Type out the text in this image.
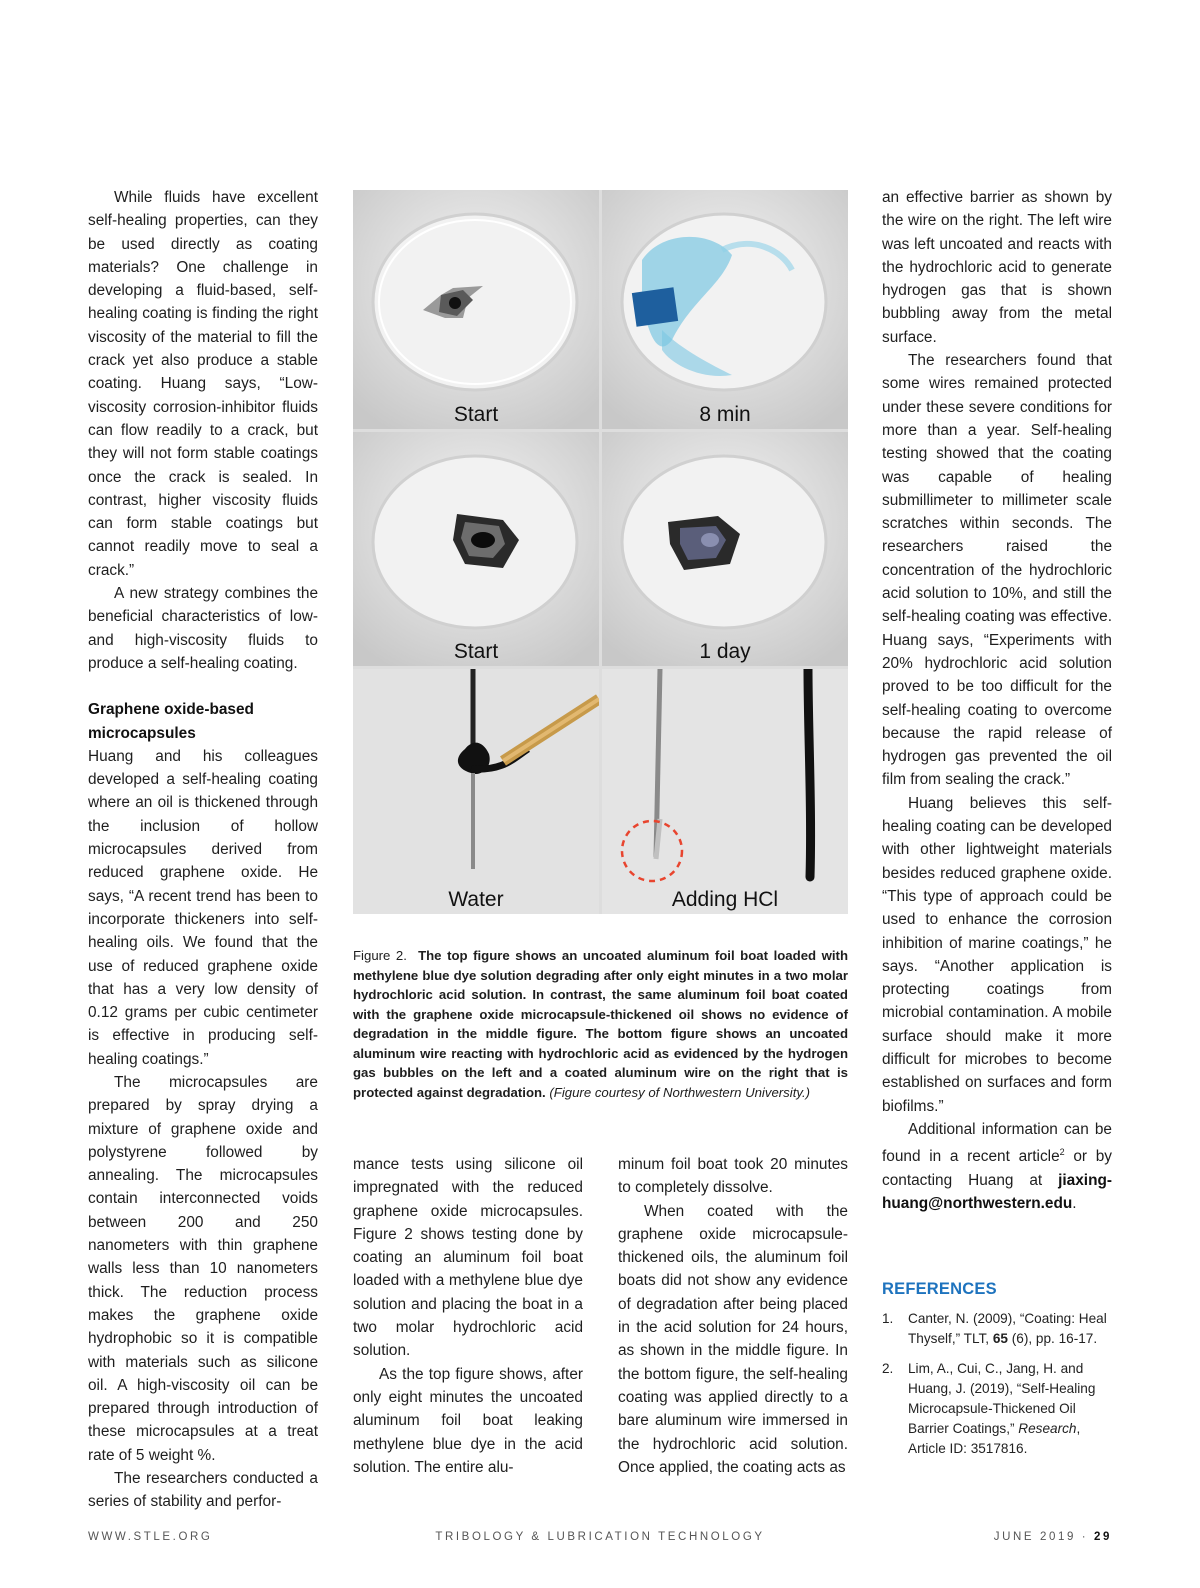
While fluids have excellent self-healing properties, can they be used directly as coating materials? One challenge in developing a fluid-based, self-healing coating is finding the right viscosity of the material to fill the crack yet also produce a stable coating. Huang says, “Low-viscosity corrosion-inhibitor fluids can flow readily to a crack, but they will not form stable coatings once the crack is sealed. In contrast, higher viscosity fluids can form stable coatings but cannot readily move to seal a crack.”

A new strategy combines the beneficial characteristics of low- and high-viscosity fluids to produce a self-healing coating.

Graphene oxide-based microcapsules

Huang and his colleagues developed a self-healing coating where an oil is thickened through the inclusion of hollow microcapsules derived from reduced graphene oxide. He says, “A recent trend has been to incorporate thickeners into self-healing oils. We found that the use of reduced graphene oxide that has a very low density of 0.12 grams per cubic centimeter is effective in producing self-healing coatings.”

The microcapsules are prepared by spray drying a mixture of graphene oxide and polystyrene followed by annealing. The microcapsules contain interconnected voids between 200 and 250 nanometers with thin graphene walls less than 10 nanometers thick. The reduction process makes the graphene oxide hydrophobic so it is compatible with materials such as silicone oil. A high-viscosity oil can be prepared through introduction of these microcapsules at a treat rate of 5 weight %.

The researchers conducted a series of stability and perfor-

Start	8 min
Start	1 day
Water	Adding HCl
Figure 2. The top figure shows an uncoated aluminum foil boat loaded with methylene blue dye solution degrading after only eight minutes in a two molar hydrochloric acid solution. In contrast, the same aluminum foil boat coated with the graphene oxide microcapsule-thickened oil shows no evidence of degradation in the middle figure. The bottom figure shows an uncoated aluminum wire reacting with hydrochloric acid as evidenced by the hydrogen gas bubbles on the left and a coated aluminum wire on the right that is protected against degradation. (Figure courtesy of Northwestern University.)

mance tests using silicone oil impregnated with the reduced graphene oxide microcapsules. Figure 2 shows testing done by coating an aluminum foil boat loaded with a methylene blue dye solution and placing the boat in a two molar hydrochloric acid solution.

As the top figure shows, after only eight minutes the uncoated aluminum foil boat leaking methylene blue dye in the acid solution. The entire alu-

minum foil boat took 20 minutes to completely dissolve.

When coated with the graphene oxide microcapsule-thickened oils, the aluminum foil boats did not show any evidence of degradation after being placed in the acid solution for 24 hours, as shown in the middle figure. In the bottom figure, the self-healing coating was applied directly to a bare aluminum wire immersed in the hydrochloric acid solution. Once applied, the coating acts as

an effective barrier as shown by the wire on the right. The left wire was left uncoated and reacts with the hydrochloric acid to generate hydrogen gas that is shown bubbling away from the metal surface.

The researchers found that some wires remained protected under these severe conditions for more than a year. Self-healing testing showed that the coating was capable of healing submillimeter to millimeter scale scratches within seconds. The researchers raised the concentration of the hydrochloric acid solution to 10%, and still the self-healing coating was effective. Huang says, “Experiments with 20% hydrochloric acid solution proved to be too difficult for the self-healing coating to overcome because the rapid release of hydrogen gas prevented the oil film from sealing the crack.”

Huang believes this self-healing coating can be developed with other lightweight materials besides reduced graphene oxide. “This type of approach could be used to enhance the corrosion inhibition of marine coatings,” he says. “Another application is protecting coatings from microbial contamination. A mobile surface should make it more difficult for microbes to become established on surfaces and form biofilms.”

Additional information can be found in a recent article$^2$ or by contacting Huang at jiaxing-huang@northwestern.edu.

REFERENCES
1.	Canter, N. (2009), “Coating: Heal Thyself,” TLT, 65 (6), pp. 16-17.
2.	Lim, A., Cui, C., Jang, H. and Huang, J. (2019), “Self-Healing Microcapsule-Thickened Oil Barrier Coatings,” Research, Article ID: 3517816.
WWW.STLE.ORG	TRIBOLOGY & LUBRICATION TECHNOLOGY	JUNE 2019 · 29
